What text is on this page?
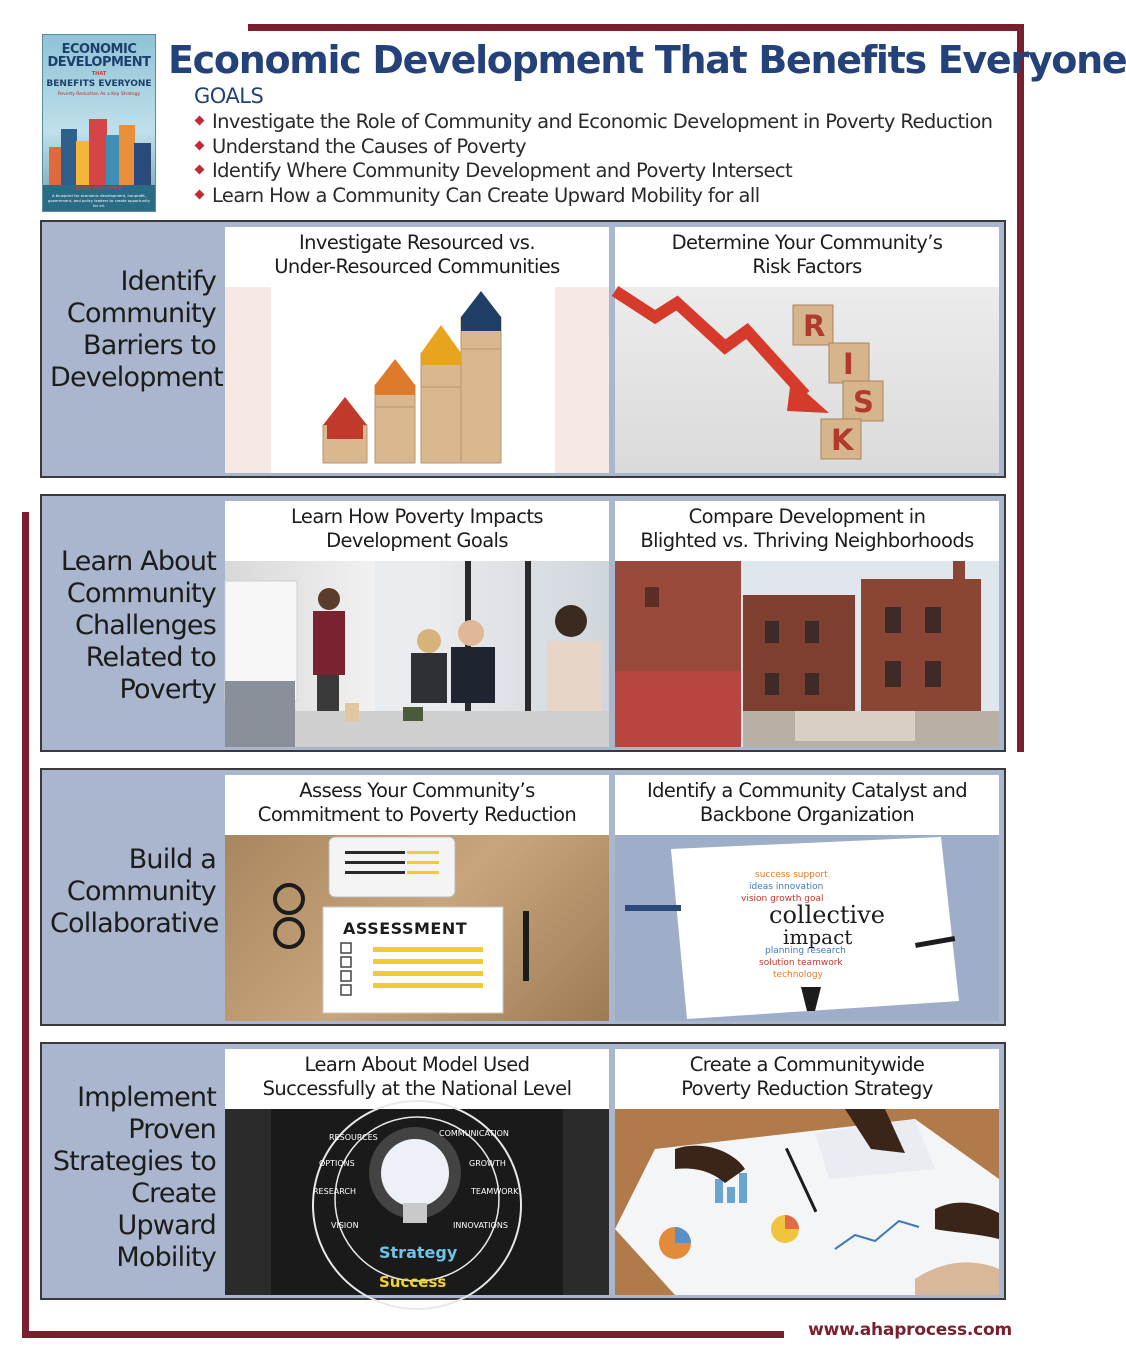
ECONOMIC
DEVELOPMENT
THAT
BENEFITS EVERYONE
Poverty Reduction As a Key Strategy
MARY CACIOPPO
A blueprint for economic development, nonprofit, government, and policy leaders to create opportunity for all.
Economic Development That Benefits Everyone
GOALS
Investigate the Role of Community and Economic Development in Poverty Reduction
Understand the Causes of Poverty
Identify Where Community Development and Poverty Intersect
Learn How a Community Can Create Upward Mobility for all
Identify
Community
Barriers to
Development
Investigate Resourced vs.
Under-Resourced Communities
Determine Your Community’s
Risk Factors
R
I
S
K
Learn About
Community
Challenges
Related to
Poverty
Learn How Poverty Impacts
Development Goals
Compare Development in
Blighted vs. Thriving Neighborhoods
Build a
Community
Collaborative
Assess Your Community’s
Commitment to Poverty Reduction
ASSESSMENT
Identify a Community Catalyst and
Backbone Organization
success support
ideas innovation
vision growth goal
planning research
solution teamwork
technology
collective
impact
Implement
Proven
Strategies to
Create
Upward
Mobility
Learn About Model Used
Successfully at the National Level
RESOURCES	COMMUNICATION
OPTIONS	GROWTH
RESEARCH	TEAMWORK
VISION	INNOVATIONS
Strategy
Success
Create a Communitywide
Poverty Reduction Strategy
www.ahaprocess.com
